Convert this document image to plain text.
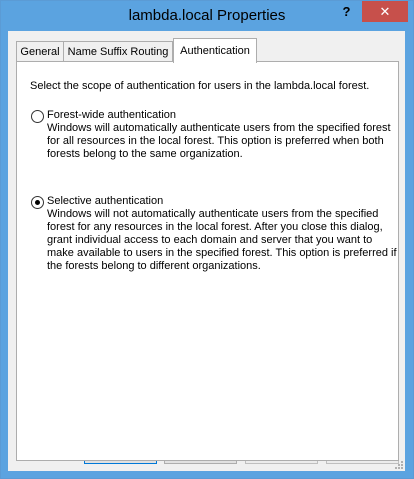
lambda.local Properties	? ✕
General Name Suffix Routing Authentication
Select the scope of authentication for users in the lambda.local forest.
Forest-wide authentication
Windows will automatically authenticate users from the specified forest
for all resources in the local forest. This option is preferred when both
forests belong to the same organization.
Selective authentication
Windows will not automatically authenticate users from the specified
forest for any resources in the local forest. After you close this dialog,
grant individual access to each domain and server that you want to
make available to users in the specified forest. This option is preferred if
the forests belong to different organizations.
